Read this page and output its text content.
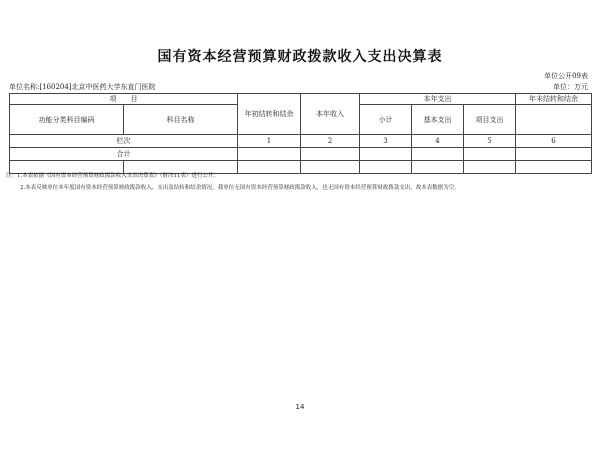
国有资本经营预算财政拨款收入支出决算表
单位公开09表
单位名称:[160204]北京中医药大学东直门医院	单位：万元
项　　目		年初结转和结余	本年收入	本年支出			年末结转和结余
功能分类科目编码	科目名称			小计	基本支出	项目支出	
栏次		1	2	3	4	5	6
合计							

注：1.本表依据《国有资本经营预算财政拨款收入支出决算表》（财决11表）进行公开。
2.本表反映单位本年度国有资本经营预算财政拨款收入、支出及结转和结余情况。我单位无国有资本经营预算财政拨款收入，也无国有资本经营预算财政拨款支出，故本表数据为空。
14
